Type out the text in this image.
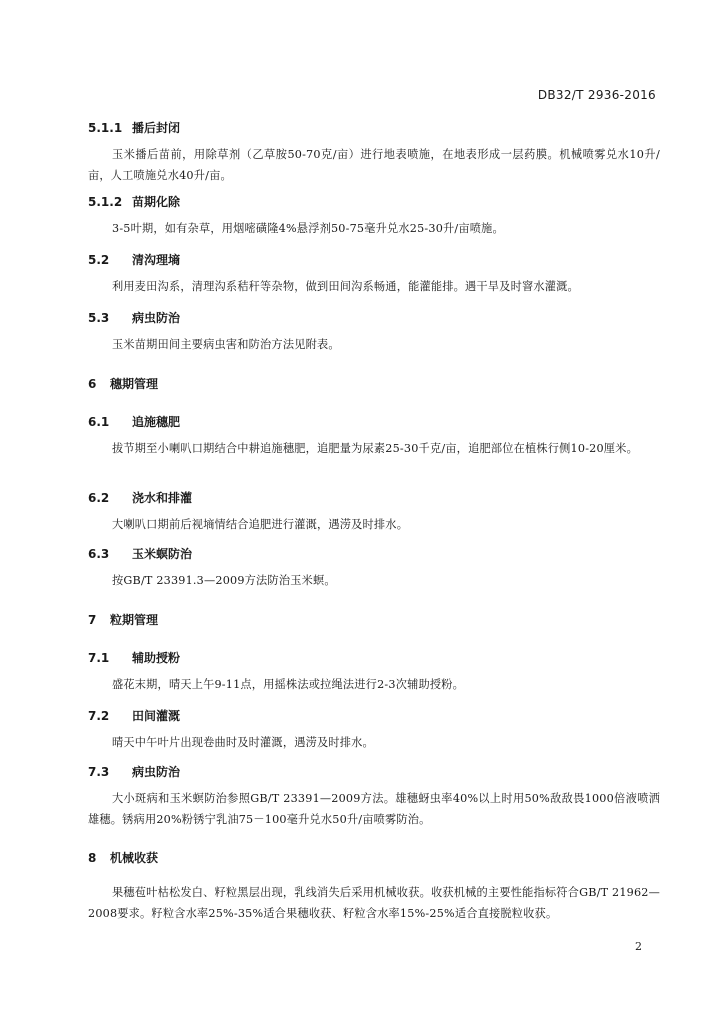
DB32/T 2936-2016
5.1.1 播后封闭
玉米播后苗前，用除草剂（乙草胺50-70克/亩）进行地表喷施，在地表形成一层药膜。机械喷雾兑水10升/亩，人工喷施兑水40升/亩。
5.1.2 苗期化除
3-5叶期，如有杂草，用烟嘧磺隆4%悬浮剂50-75毫升兑水25-30升/亩喷施。
5.2 清沟理墒
利用麦田沟系，清理沟系秸秆等杂物，做到田间沟系畅通，能灌能排。遇干旱及时窨水灌溉。
5.3 病虫防治
玉米苗期田间主要病虫害和防治方法见附表。
6 穗期管理
6.1 追施穗肥
拔节期至小喇叭口期结合中耕追施穗肥，追肥量为尿素25-30千克/亩，追肥部位在植株行侧10-20厘米。
6.2 浇水和排灌
大喇叭口期前后视墒情结合追肥进行灌溉，遇涝及时排水。
6.3 玉米螟防治
按GB/T 23391.3—2009方法防治玉米螟。
7 粒期管理
7.1 辅助授粉
盛花末期，晴天上午9-11点，用摇株法或拉绳法进行2-3次辅助授粉。
7.2 田间灌溉
晴天中午叶片出现卷曲时及时灌溉，遇涝及时排水。
7.3 病虫防治
大小斑病和玉米螟防治参照GB/T 23391—2009方法。雄穗蚜虫率40%以上时用50%敌敌畏1000倍液喷洒雄穗。锈病用20%粉锈宁乳油75－100毫升兑水50升/亩喷雾防治。
8 机械收获
果穗苞叶枯松发白、籽粒黑层出现，乳线消失后采用机械收获。收获机械的主要性能指标符合GB/T 21962—2008要求。籽粒含水率25%-35%适合果穗收获、籽粒含水率15%-25%适合直接脱粒收获。
2
